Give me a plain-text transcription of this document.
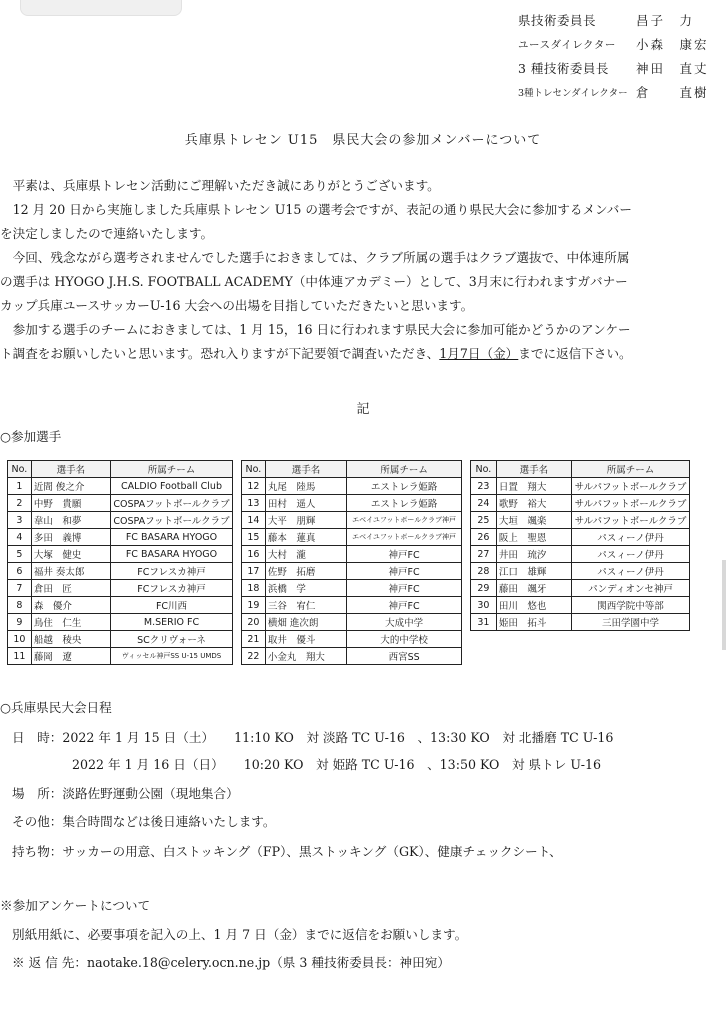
県技術委員長	昌子　力
ユースダイレクター	小森　康宏
3 種技術委員長	神田　直丈
3種トレセンダイレクター 倉　　直樹
兵庫県トレセン U15　県民大会の参加メンバーについて
　平素は、兵庫県トレセン活動にご理解いただき誠にありがとうございます。
　12 月 20 日から実施しました兵庫県トレセン U15 の選考会ですが、表記の通り県民大会に参加するメンバー
を決定しましたので連絡いたします。
　今回、残念ながら選考されませんでした選手におきましては、クラブ所属の選手はクラブ選抜で、中体連所属
の選手は HYOGO J.H.S. FOOTBALL ACADEMY（中体連アカデミー）として、3月末に行われますガバナー
カップ兵庫ユースサッカーU-16 大会への出場を目指していただきたいと思います。
　参加する選手のチームにおきましては、1 月 15，16 日に行われます県民大会に参加可能かどうかのアンケー
ト調査をお願いしたいと思います。恐れ入りますが下記要領で調査いただき、1月7日（金）までに返信下さい。
記
○参加選手
No.	選手名	所属チーム
1	近間 俊之介	CALDIO Football Club
2	中野　貴願	COSPAフットボールクラブ
3	韋山　和夢	COSPAフットボールクラブ
4	多田　義博	FC BASARA HYOGO
5	大塚　健史	FC BASARA HYOGO
6	福井 奏太郎	FCフレスカ神戸
7	倉田　匠	FCフレスカ神戸
8	森　優介	FC川西
9	鳥住　仁生	M.SERIO FC
10	船越　稜央	SCクリヴォーネ
11	藤岡　遼	ヴィッセル神戸SS U-15 UMDS
No.	選手名	所属チーム
12	丸尾　陸馬	エストレラ姫路
13	田村　遥人	エストレラ姫路
14	大平　朋輝	エベイユフットボールクラブ神戸
15	藤本　蓮真	エベイユフットボールクラブ神戸
16	大村　瀧	神戸FC
17	佐野　拓磨	神戸FC
18	浜橋　学	神戸FC
19	三谷　宥仁	神戸FC
20	横畑 進次朗	大成中学
21	取井　優斗	大的中学校
22	小金丸　翔大	西宮SS
No.	選手名	所属チーム
23	日置　翔大	サルパフットボールクラブ
24	歌野　裕大	サルパフットボールクラブ
25	大垣　颯楽	サルパフットボールクラブ
26	阪上　聖恩	パスィーノ伊丹
27	井田　琉汐	パスィーノ伊丹
28	江口　雄輝	パスィーノ伊丹
29	藤田　颯牙	パンディオンセ神戸
30	田川　悠也	関西学院中等部
31	姫田　拓斗	三田学園中学
○兵庫県民大会日程
日　時：2022 年 1 月 15 日（土） 11:10 KO　対 淡路 TC U-16　、13:30 KO　対 北播磨 TC U-16
2022 年 1 月 16 日（日） 10:20 KO　対 姫路 TC U-16　、13:50 KO　対 県トレ U-16
場　所：淡路佐野運動公園（現地集合）
その他：集合時間などは後日連絡いたします。
持ち物：サッカーの用意、白ストッキング（FP）、黒ストッキング（GK）、健康チェックシート、
※参加アンケートについて
別紙用紙に、必要事項を記入の上、1 月 7 日（金）までに返信をお願いします。
※ 返 信 先：naotake.18@celery.ocn.ne.jp（県 3 種技術委員長：神田宛）
